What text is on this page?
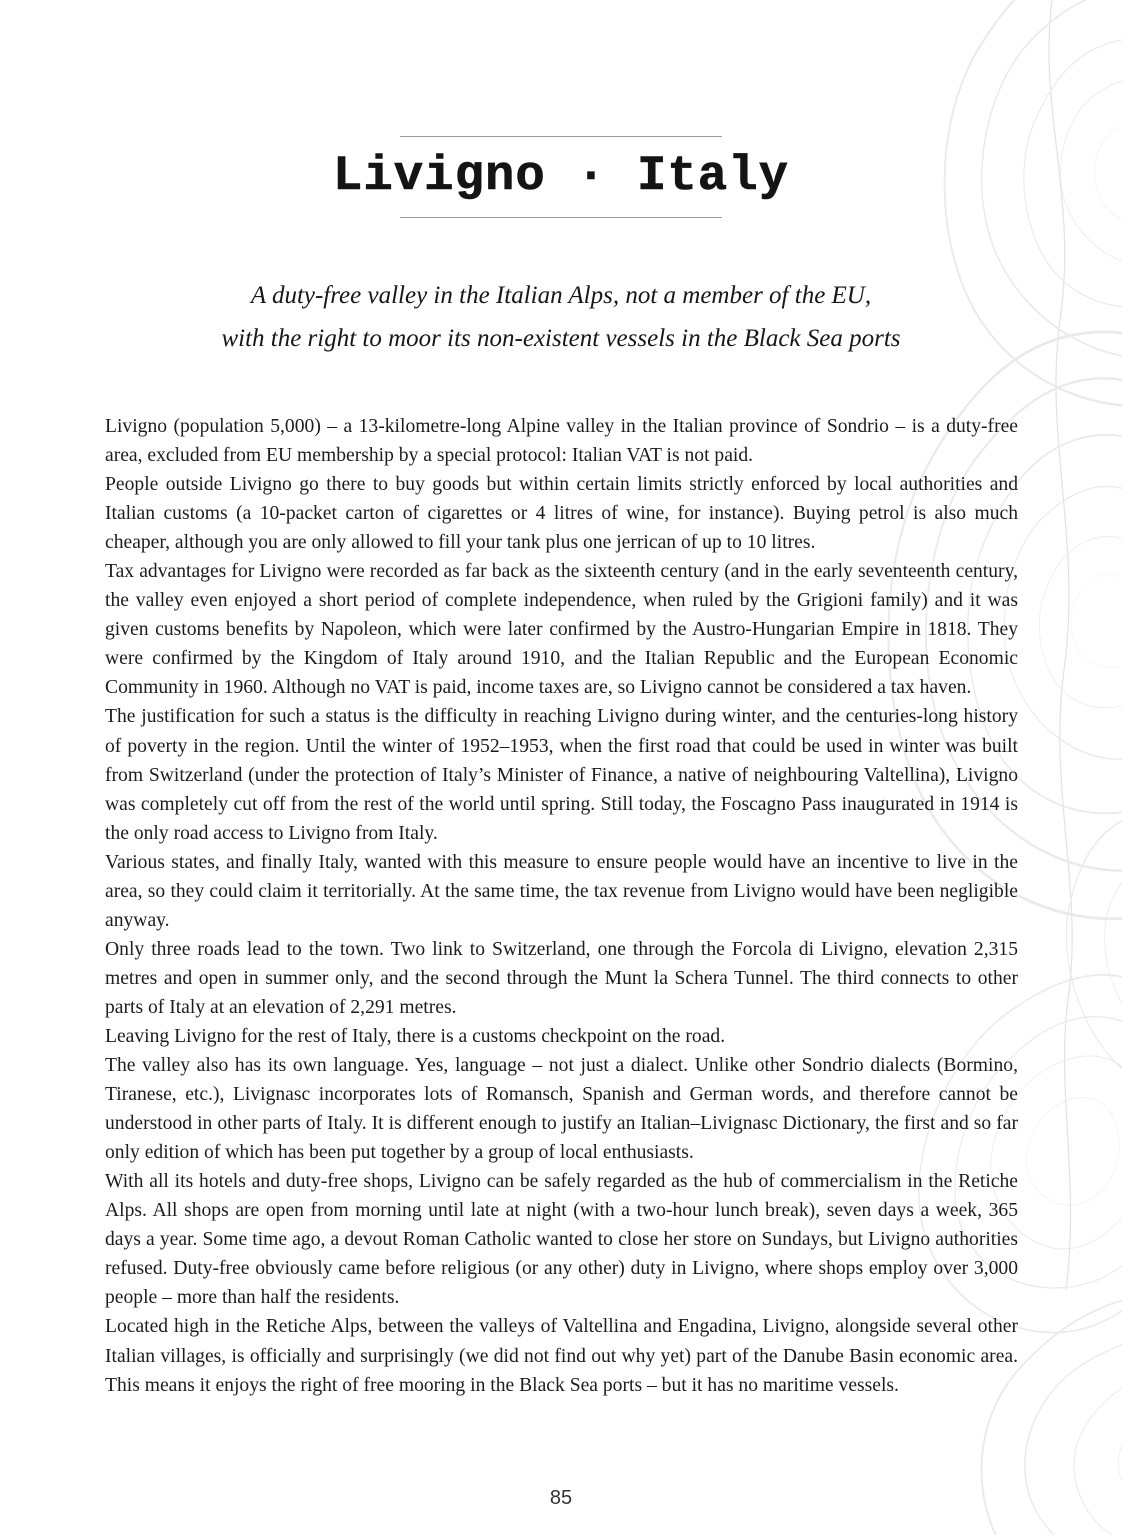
Livigno · Italy
A duty-free valley in the Italian Alps, not a member of the EU,
with the right to moor its non-existent vessels in the Black Sea ports

Livigno (population 5,000) – a 13-kilometre-long Alpine valley in the Italian province of Sondrio – is a duty-free area, excluded from EU membership by a special protocol: Italian VAT is not paid.

People outside Livigno go there to buy goods but within certain limits strictly enforced by local authorities and Italian customs (a 10-packet carton of cigarettes or 4 litres of wine, for instance). Buying petrol is also much cheaper, although you are only allowed to fill your tank plus one jerrican of up to 10 litres.

Tax advantages for Livigno were recorded as far back as the sixteenth century (and in the early seventeenth century, the valley even enjoyed a short period of complete independence, when ruled by the Grigioni family) and it was given customs benefits by Napoleon, which were later confirmed by the Austro-Hungarian Empire in 1818. They were confirmed by the Kingdom of Italy around 1910, and the Italian Republic and the European Economic Community in 1960. Although no VAT is paid, income taxes are, so Livigno cannot be considered a tax haven.

The justification for such a status is the difficulty in reaching Livigno during winter, and the centuries-long history of poverty in the region. Until the winter of 1952–1953, when the first road that could be used in winter was built from Switzerland (under the protection of Italy’s Minister of Finance, a native of neighbouring Valtellina), Livigno was completely cut off from the rest of the world until spring. Still today, the Foscagno Pass inaugurated in 1914 is the only road access to Livigno from Italy.

Various states, and finally Italy, wanted with this measure to ensure people would have an incentive to live in the area, so they could claim it territorially. At the same time, the tax revenue from Livigno would have been negligible anyway.

Only three roads lead to the town. Two link to Switzerland, one through the Forcola di Livigno, elevation 2,315 metres and open in summer only, and the second through the Munt la Schera Tunnel. The third connects to other parts of Italy at an elevation of 2,291 metres.

Leaving Livigno for the rest of Italy, there is a customs checkpoint on the road.

The valley also has its own language. Yes, language – not just a dialect. Unlike other Sondrio dialects (Bormino, Tiranese, etc.), Livignasc incorporates lots of Romansch, Spanish and German words, and therefore cannot be understood in other parts of Italy. It is different enough to justify an Italian–Livignasc Dictionary, the first and so far only edition of which has been put together by a group of local enthusiasts.

With all its hotels and duty-free shops, Livigno can be safely regarded as the hub of commercialism in the Retiche Alps. All shops are open from morning until late at night (with a two-hour lunch break), seven days a week, 365 days a year. Some time ago, a devout Roman Catholic wanted to close her store on Sundays, but Livigno authorities refused. Duty-free obviously came before religious (or any other) duty in Livigno, where shops employ over 3,000 people – more than half the residents.

Located high in the Retiche Alps, between the valleys of Valtellina and Engadina, Livigno, alongside several other Italian villages, is officially and surprisingly (we did not find out why yet) part of the Danube Basin economic area. This means it enjoys the right of free mooring in the Black Sea ports – but it has no maritime vessels.

85
